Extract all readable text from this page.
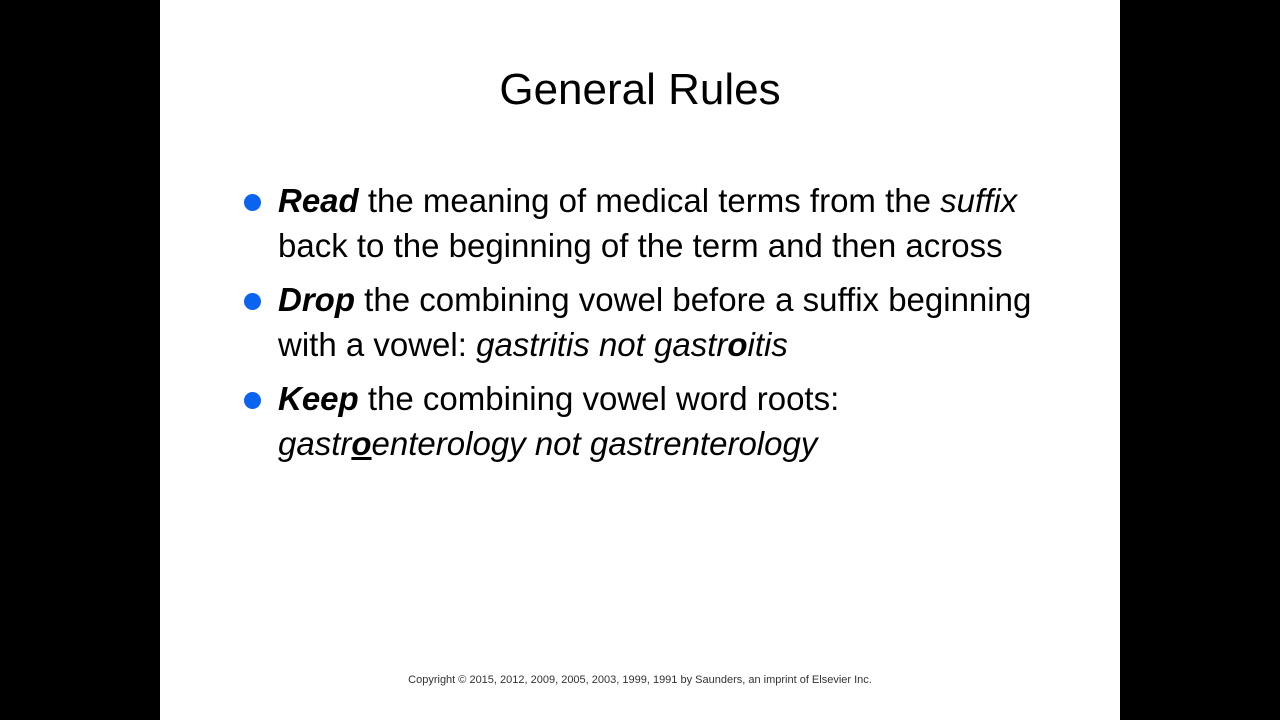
General Rules
Read the meaning of medical terms from the suffix back to the beginning of the term and then across
Drop the combining vowel before a suffix beginning with a vowel: gastritis not gastroitis
Keep the combining vowel word roots:
gastroenterology not gastrenterology
Copyright © 2015, 2012, 2009, 2005, 2003, 1999, 1991 by Saunders, an imprint of Elsevier Inc.
